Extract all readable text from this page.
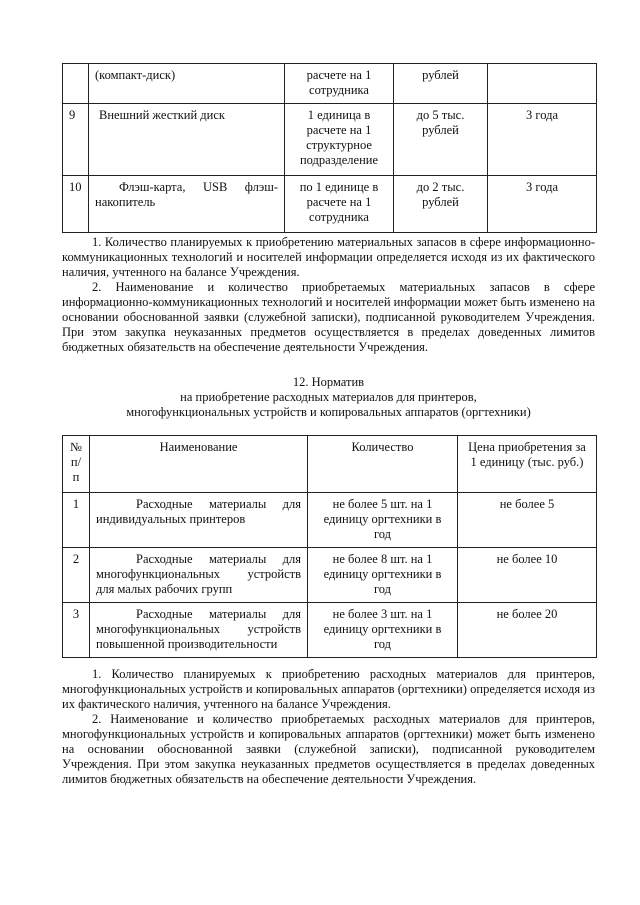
	(компакт-диск)	расчете на 1 сотрудника	рублей	
9	Внешний жесткий диск	1 единица в расчете на 1 структурное подразделение	до 5 тыс. рублей	3 года
10	Флэш-карта, USB флэш-
накопитель	по 1 единице в расчете на 1 сотрудника	до 2 тыс. рублей	3 года

1. Количество планируемых к приобретению материальных запасов в сфере информационно-коммуникационных технологий и носителей информации определяется исходя из их фактического наличия, учтенного на балансе Учреждения.

2. Наименование и количество приобретаемых материальных запасов в сфере информационно-коммуникационных технологий и носителей информации может быть изменено на основании обоснованной заявки (служебной записки), подписанной руководителем Учреждения. При этом закупка неуказанных предметов осуществляется в пределах доведенных лимитов бюджетных обязательств на обеспечение деятельности Учреждения.

12. Норматив
на приобретение расходных материалов для принтеров,
многофункциональных устройств и копировальных аппаратов (оргтехники)
№ п/п	Наименование	Количество	Цена приобретения за 1 единицу (тыс. руб.)
1	Расходные материалы для
индивидуальных принтеров	не более 5 шт. на 1 единицу оргтехники в год	не более 5
2	Расходные материалы для
многофункциональных устройств
для малых рабочих групп	не более 8 шт. на 1 единицу оргтехники в год	не более 10
3	Расходные материалы для
многофункциональных устройств
повышенной производительности	не более 3 шт. на 1 единицу оргтехники в год	не более 20

1. Количество планируемых к приобретению расходных материалов для принтеров, многофункциональных устройств и копировальных аппаратов (оргтехники) определяется исходя из их фактического наличия, учтенного на балансе Учреждения.

2. Наименование и количество приобретаемых расходных материалов для принтеров, многофункциональных устройств и копировальных аппаратов (оргтехники) может быть изменено на основании обоснованной заявки (служебной записки), подписанной руководителем Учреждения. При этом закупка неуказанных предметов осуществляется в пределах доведенных лимитов бюджетных обязательств на обеспечение деятельности Учреждения.
